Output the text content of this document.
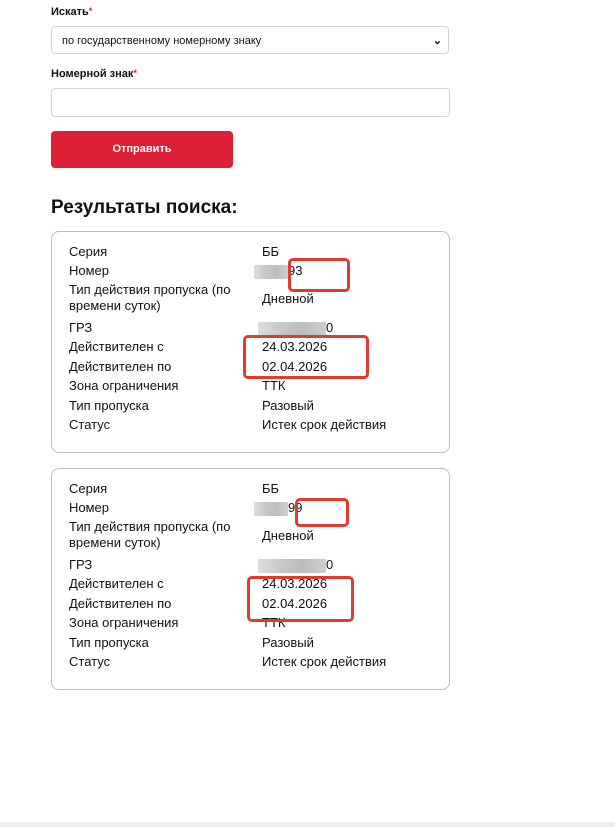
Искать*
по государственному номерному знаку	⌄
Номерной знак*
Отправить
Результаты поиска:
Серия	ББ
Номер	93
Тип действия пропуска (по времени суток)	Дневной
ГРЗ	0
Действителен с	24.03.2026
Действителен по	02.04.2026
Зона ограничения	ТТК
Тип пропуска	Разовый
Статус	Истек срок действия
Серия	ББ
Номер	99
Тип действия пропуска (по времени суток)	Дневной
ГРЗ	0
Действителен с	24.03.2026
Действителен по	02.04.2026
Зона ограничения	ТТК
Тип пропуска	Разовый
Статус	Истек срок действия
